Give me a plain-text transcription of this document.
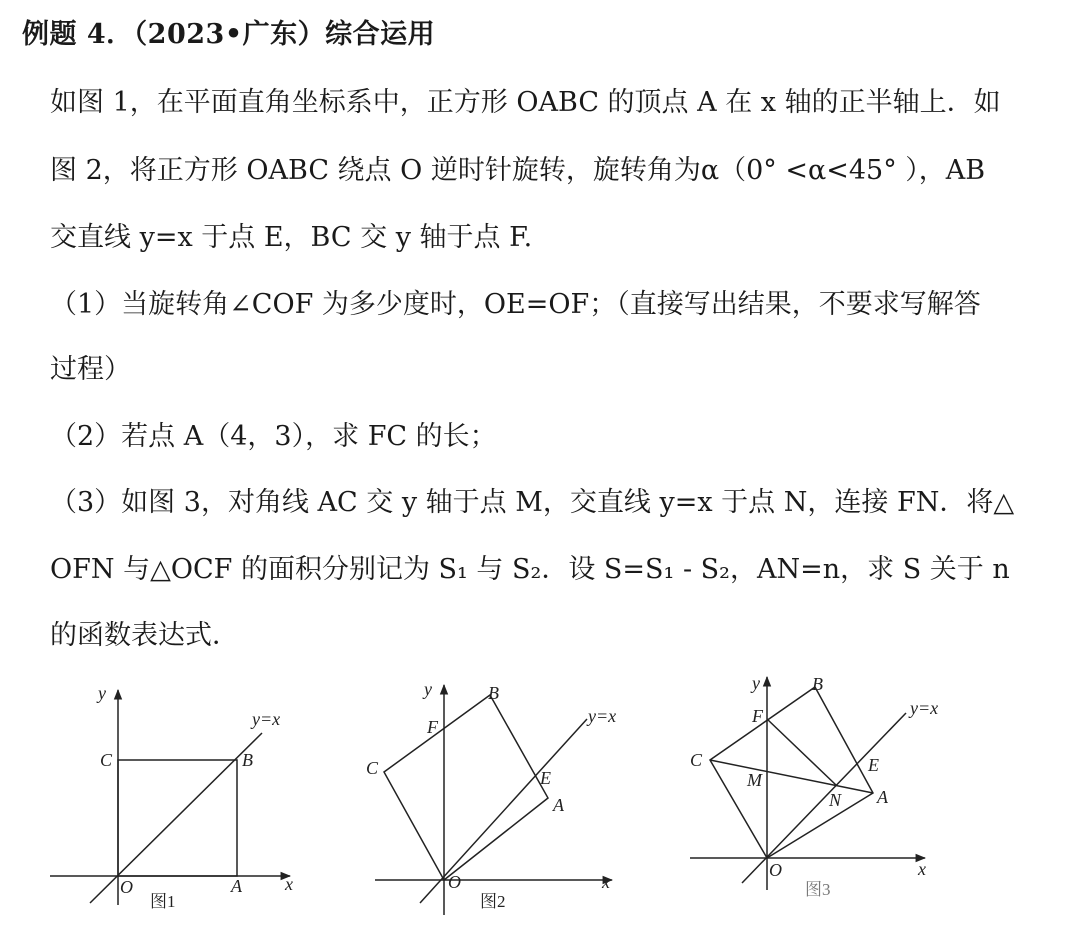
例题 4．（2023•广东）综合运用
如图 1，在平面直角坐标系中，正方形 OABC 的顶点 A 在 x 轴的正半轴上．如
图 2，将正方形 OABC 绕点 O 逆时针旋转，旋转角为α（0° <α<45° ），AB
交直线 y=x 于点 E，BC 交 y 轴于点 F.
（1）当旋转角∠COF 为多少度时，OE=OF；（直接写出结果，不要求写解答
过程）
（2）若点 A（4，3），求 FC 的长；
（3）如图 3，对角线 AC 交 y 轴于点 M，交直线 y=x 于点 N，连接 FN．将△
OFN 与△OCF 的面积分别记为 S₁ 与 S₂．设 S=S₁ - S₂，AN=n，求 S 关于 n
的函数表达式．
y
x
O	A
B
C
y=x
y
x
O
A
B
C	E
F
y=x
y
x
O
A
B
C	E
F
M
N
y=x
图1	图2
图3
